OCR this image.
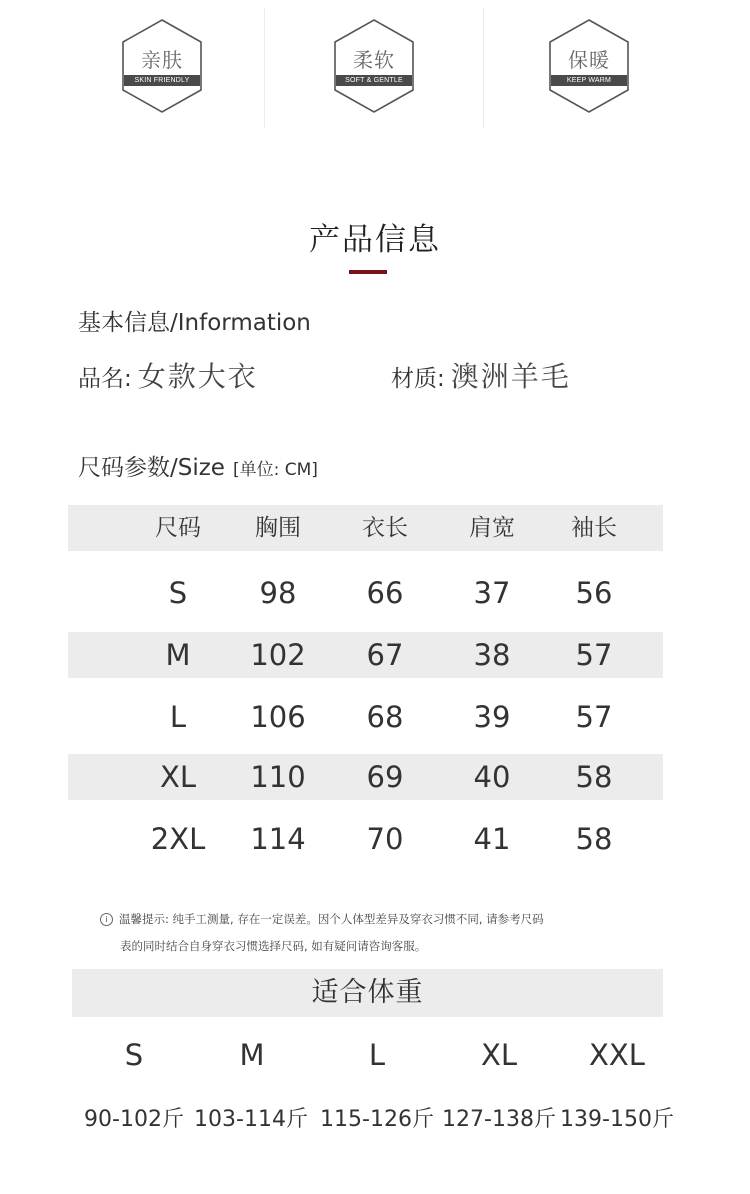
亲肤
SKIN FRIENDLY
柔软
SOFT & GENTLE
保暖
KEEP WARM
产品信息
基本信息/Information
品名: 女款大衣	材质: 澳洲羊毛
尺码参数/Size [单位: CM]
尺码	胸围	衣长	肩宽	袖长
S	98	66	37	56
M	102	67	38	57
L	106	68	39	57
XL	110	69	40	58
2XL	114	70	41	58
i 温馨提示: 纯手工测量, 存在一定误差。因个人体型差异及穿衣习惯不同, 请参考尺码
表的同时结合自身穿衣习惯选择尺码, 如有疑问请咨询客服。
适合体重
S	M	L	XL	XXL
90-102斤 103-114斤 115-126斤 127-138斤 139-150斤
